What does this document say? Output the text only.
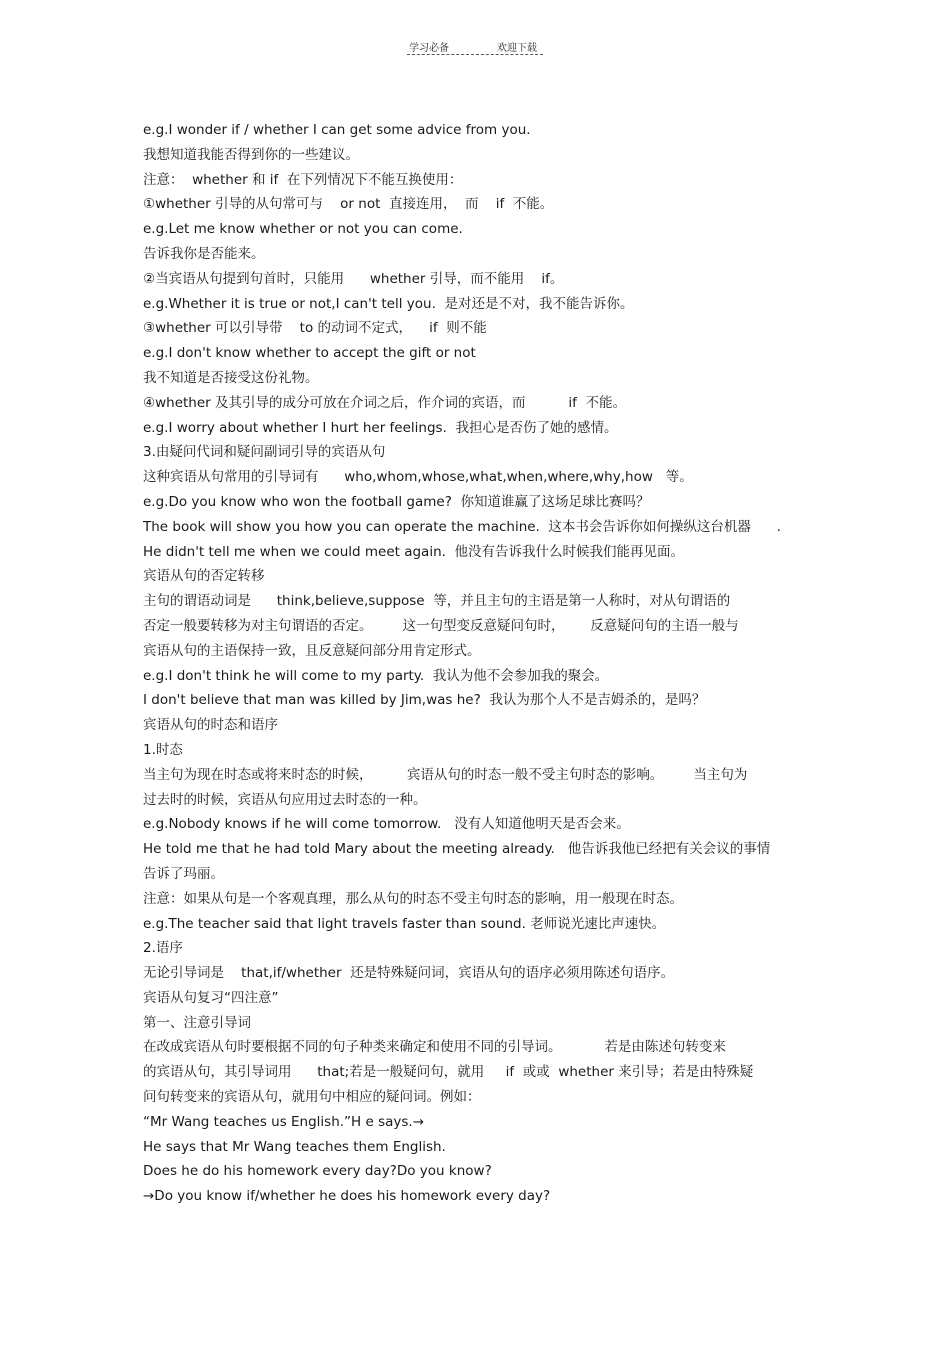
学习必备	欢迎下载
e.g.I wonder if / whether I can get some advice from you.
我想知道我能否得到你的一些建议。
注意：  whether 和 if  在下列情况下不能互换使用：
①whether 引导的从句常可与    or not  直接连用，  而    if  不能。
e.g.Let me know whether or not you can come.
告诉我你是否能来。
②当宾语从句提到句首时，只能用      whether 引导，而不能用    if。
e.g.Whether it is true or not,I can't tell you.  是对还是不对，我不能告诉你。
③whether 可以引导带    to 的动词不定式，    if  则不能
e.g.I don't know whether to accept the gift or not
我不知道是否接受这份礼物。
④whether 及其引导的成分可放在介词之后，作介词的宾语，而          if  不能。
e.g.I worry about whether I hurt her feelings.  我担心是否伤了她的感情。
3.由疑问代词和疑问副词引导的宾语从句
这种宾语从句常用的引导词有      who,whom,whose,what,when,where,why,how   等。
e.g.Do you know who won the football game?  你知道谁赢了这场足球比赛吗？
The book will show you how you can operate the machine.  这本书会告诉你如何操纵这台机器      .
He didn't tell me when we could meet again.  他没有告诉我什么时候我们能再见面。
宾语从句的否定转移
主句的谓语动词是      think,believe,suppose  等，并且主句的主语是第一人称时，对从句谓语的
否定一般要转移为对主句谓语的否定。       这一句型变反意疑问句时，      反意疑问句的主语一般与
宾语从句的主语保持一致，且反意疑问部分用肯定形式。
e.g.I don't think he will come to my party.  我认为他不会参加我的聚会。
I don't believe that man was killed by Jim,was he?  我认为那个人不是吉姆杀的，是吗？
宾语从句的时态和语序
1.时态
当主句为现在时态或将来时态的时候，        宾语从句的时态一般不受主句时态的影响。       当主句为
过去时的时候，宾语从句应用过去时态的一种。
e.g.Nobody knows if he will come tomorrow.   没有人知道他明天是否会来。
He told me that he had told Mary about the meeting already.   他告诉我他已经把有关会议的事情
告诉了玛丽。
注意：如果从句是一个客观真理，那么从句的时态不受主句时态的影响，用一般现在时态。
e.g.The teacher said that light travels faster than sound. 老师说光速比声速快。
2.语序
无论引导词是    that,if/whether  还是特殊疑问词，宾语从句的语序必须用陈述句语序。
宾语从句复习“四注意”
第一、注意引导词
在改成宾语从句时要根据不同的句子种类来确定和使用不同的引导词。          若是由陈述句转变来
的宾语从句，其引导词用      that;若是一般疑问句，就用     if  或或  whether 来引导；若是由特殊疑
问句转变来的宾语从句，就用句中相应的疑问词。例如：
“Mr Wang teaches us English.”H e says.→
He says that Mr Wang teaches them English.
Does he do his homework every day?Do you know?
→Do you know if/whether he does his homework every day?
